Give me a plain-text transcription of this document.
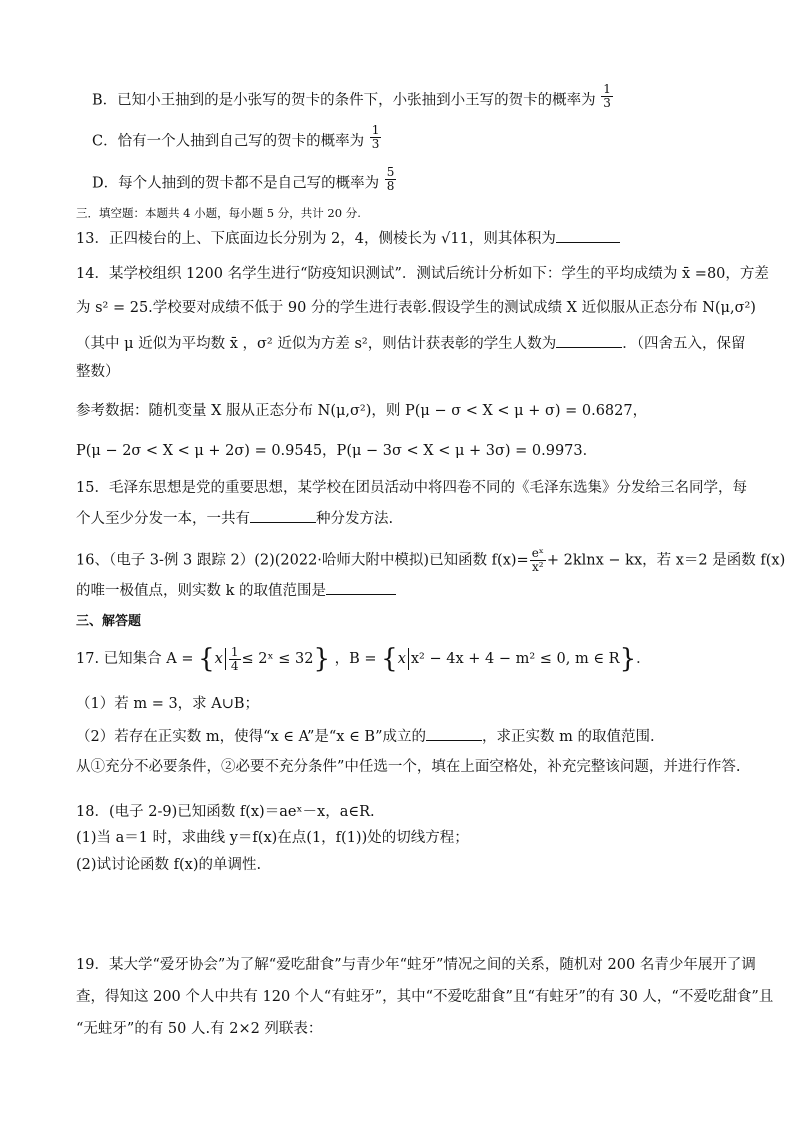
B．已知小王抽到的是小张写的贺卡的条件下，小张抽到小王写的贺卡的概率为 $\frac{1}{3}$
C．恰有一个人抽到自己写的贺卡的概率为 $\frac{1}{3}$
D．每个人抽到的贺卡都不是自己写的概率为 $\frac{5}{8}$
三．填空题：本题共 4 小题，每小题 5 分，共计 20 分.
13．正四棱台的上、下底面边长分别为 2，4，侧棱长为 √11，则其体积为
14．某学校组织 1200 名学生进行“防疫知识测试”．测试后统计分析如下：学生的平均成绩为 x̄ =80，方差
为 s² = 25.学校要对成绩不低于 90 分的学生进行表彰.假设学生的测试成绩 X 近似服从正态分布 N(μ,σ²)
（其中 μ 近似为平均数 x̄ ，σ² 近似为方差 s²，则估计获表彰的学生人数为	．（四舍五入，保留
整数）
参考数据：随机变量 X 服从正态分布 N(μ,σ²)，则 P(μ − σ < X < μ + σ) = 0.6827，
P(μ − 2σ < X < μ + 2σ) = 0.9545，P(μ − 3σ < X < μ + 3σ) = 0.9973．
15．毛泽东思想是党的重要思想，某学校在团员活动中将四卷不同的《毛泽东选集》分发给三名同学，每
个人至少分发一本，一共有	种分发方法.
16、（电子 3-例 3 跟踪 2）(2)(2022·哈师大附中模拟)已知函数 $f(x)= \frac{\text{eˣ}}{\text{x²}} + 2klnx$ − kx，若 x＝2 是函数 f(x)
的唯一极值点，则实数 k 的取值范围是
三、解答题
17. 已知集合 $A = \{x \frac{1}{4}$ ≤ 2ˣ ≤ 32} ，B = {x x² − 4x + 4 − m² ≤ 0, m ∈ R}．
（1）若 m = 3，求 A∪B；
（2）若存在正实数 m，使得“x ∈ A”是“x ∈ B”成立的	，求正实数 m 的取值范围.
从①充分不必要条件，②必要不充分条件”中任选一个，填在上面空格处，补充完整该问题，并进行作答.
18．(电子 2-9)已知函数 f(x)＝aeˣ－x，a∈R.
(1)当 a＝1 时，求曲线 y＝f(x)在点(1，f(1))处的切线方程；
(2)试讨论函数 f(x)的单调性.
19．某大学“爱牙协会”为了解“爱吃甜食”与青少年“蛀牙”情况之间的关系，随机对 200 名青少年展开了调
查，得知这 200 个人中共有 120 个人“有蛀牙”，其中“不爱吃甜食”且“有蛀牙”的有 30 人，“不爱吃甜食”且
“无蛀牙”的有 50 人.有 2×2 列联表：
